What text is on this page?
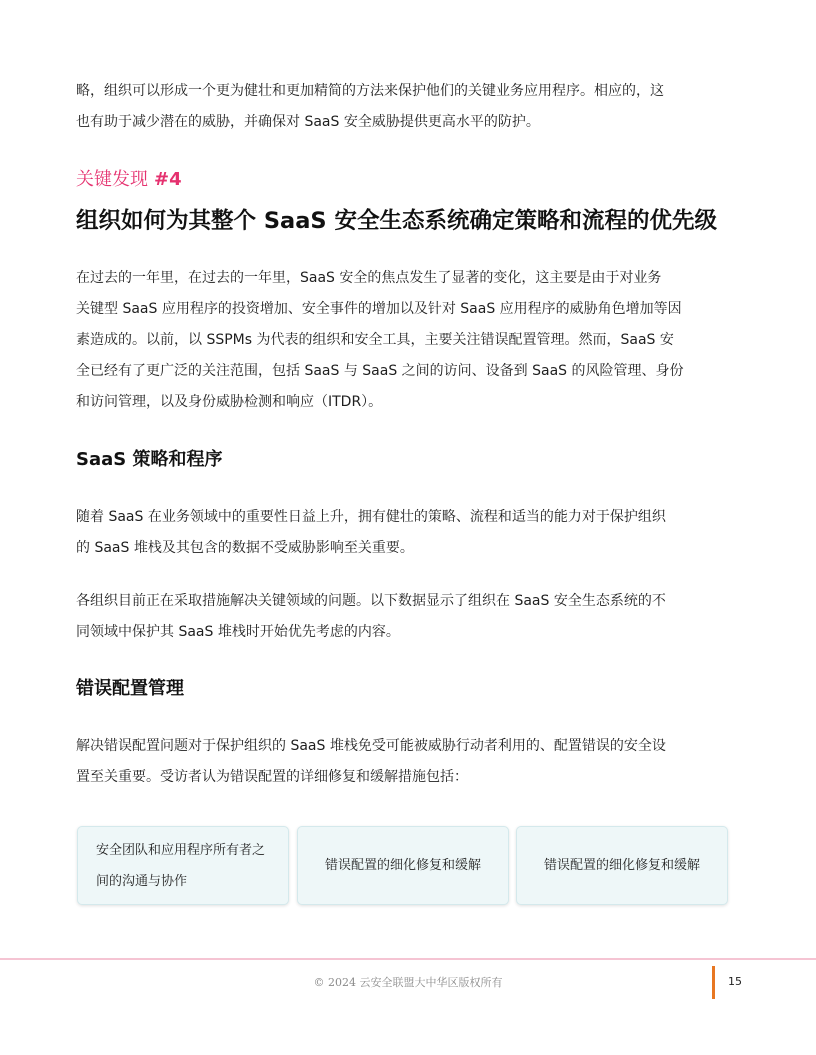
略，组织可以形成一个更为健壮和更加精简的方法来保护他们的关键业务应用程序。相应的，这
也有助于减少潜在的威胁，并确保对 SaaS 安全威胁提供更高水平的防护。

关键发现 #4

组织如何为其整个 SaaS 安全生态系统确定策略和流程的优先级
在过去的一年里，在过去的一年里，SaaS 安全的焦点发生了显著的变化，这主要是由于对业务
关键型 SaaS 应用程序的投资增加、安全事件的增加以及针对 SaaS 应用程序的威胁角色增加等因
素造成的。以前，以 SSPMs 为代表的组织和安全工具，主要关注错误配置管理。然而，SaaS 安
全已经有了更广泛的关注范围，包括 SaaS 与 SaaS 之间的访问、设备到 SaaS 的风险管理、身份
和访问管理，以及身份威胁检测和响应（ITDR）。
SaaS 策略和程序
随着 SaaS 在业务领域中的重要性日益上升，拥有健壮的策略、流程和适当的能力对于保护组织
的 SaaS 堆栈及其包含的数据不受威胁影响至关重要。
各组织目前正在采取措施解决关键领域的问题。以下数据显示了组织在 SaaS 安全生态系统的不
同领域中保护其 SaaS 堆栈时开始优先考虑的内容。
错误配置管理
解决错误配置问题对于保护组织的 SaaS 堆栈免受可能被威胁行动者利用的、配置错误的安全设
置至关重要。受访者认为错误配置的详细修复和缓解措施包括：
安全团队和应用程序所有者之
间的沟通与协作
错误配置的细化修复和缓解	错误配置的细化修复和缓解
© 2024 云安全联盟大中华区版权所有	15
